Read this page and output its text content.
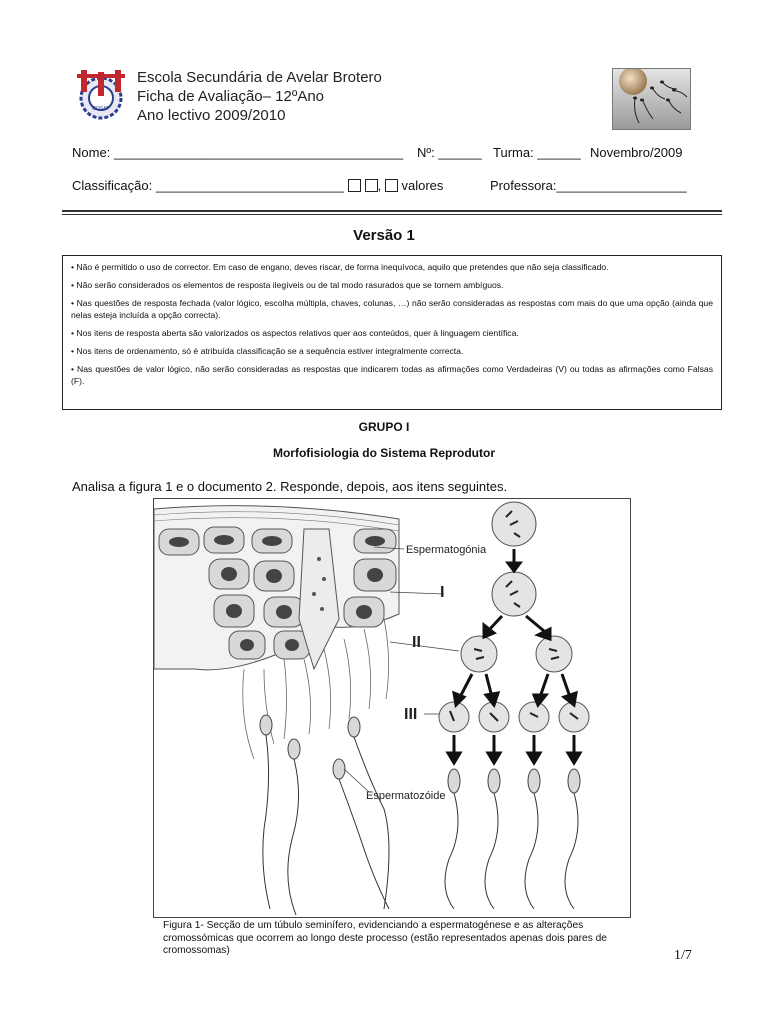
COSAP
Escola Secundária de Avelar Brotero
Ficha de Avaliação– 12ºAno
Ano lectivo 2009/2010
Nome: ________________________________________ Nº: ______ Turma: ______ Novembro/2009
Classificação: __________________________	, valores	Professora:__________________
Versão 1

• Não é permitido o uso de corrector. Em caso de engano, deves riscar, de forma inequívoca, aquilo que pretendes que não seja classificado.

• Não serão considerados os elementos de resposta ilegíveis ou de tal modo rasurados que se tornem ambíguos.

• Nas questões de resposta fechada (valor lógico, escolha múltipla, chaves, colunas, …) não serão consideradas as respostas com mais do que uma opção (ainda que nelas esteja incluída a opção correcta).

• Nos itens de resposta aberta são valorizados os aspectos relativos quer aos conteúdos, quer à linguagem científica.

• Nos itens de ordenamento, só é atribuída classificação se a sequência estiver integralmente correcta.

• Nas questões de valor lógico, não serão consideradas as respostas que indicarem todas as afirmações como Verdadeiras (V) ou todas as afirmações como Falsas (F).

GRUPO I
Morfofisiologia do Sistema Reprodutor
Analisa a figura 1 e o documento 2. Responde, depois, aos itens seguintes.
Espermatogónia
I
II
III
Espermatozóide
Figura 1- Secção de um túbulo seminífero, evidenciando a espermatogénese e as alterações cromossómicas que ocorrem ao longo deste processo (estão representados apenas dois pares de cromossomas)	1/7
